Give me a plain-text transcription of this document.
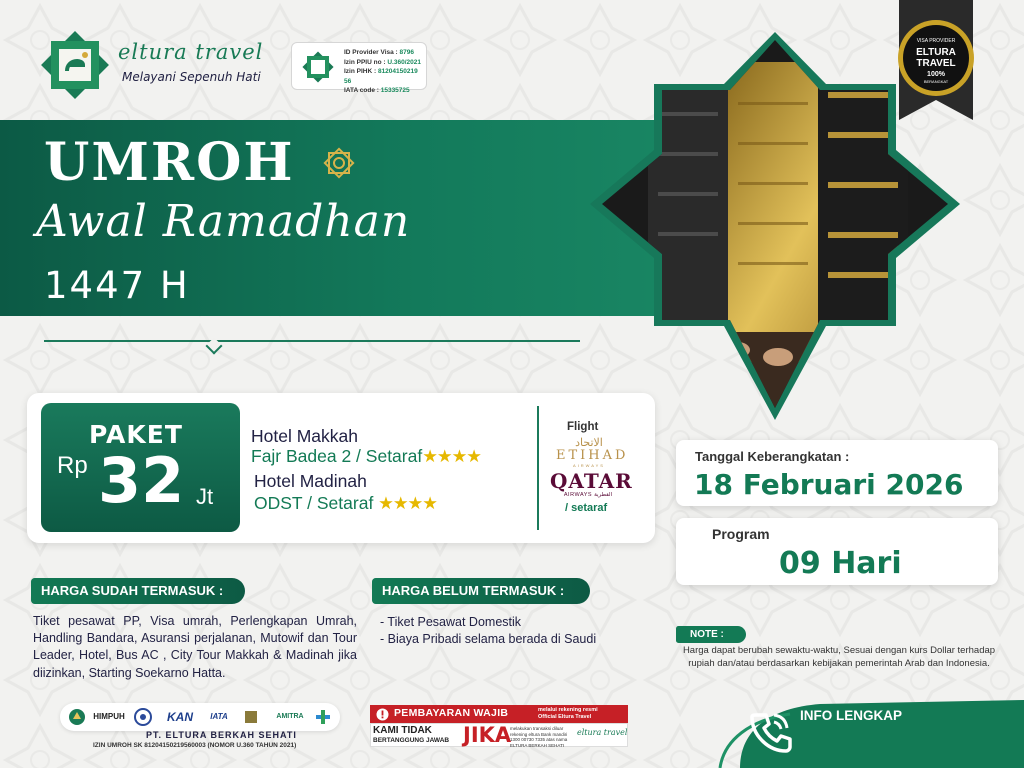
eltura travel
Melayani Sepenuh Hati
ID Provider Visa : 8796
Izin PPIU no : U.360/2021
Izin PIHK : 81204150219 56
IATA code : 15335725
VISA PROVIDER
ELTURA
TRAVEL
100%
BERANGKAT
UMROH
Awal Ramadhan
1447 H
PAKET
Rp 32 Jt
Hotel Makkah
Fajr Badea 2 / Setaraf★★★★
Hotel Madinah
ODST / Setaraf ★★★★
Flight
الاتحاد
ETIHAD
AIRWAYS
QATAR
AIRWAYS القطرية
/ setaraf
Tanggal Keberangkatan :
18 Februari 2026
Program
09 Hari
HARGA SUDAH TERMASUK :
Tiket pesawat PP, Visa umrah, Perlengkapan Umrah, Handling Bandara, Asuransi perjalanan, Mutowif dan Tour Leader, Hotel, Bus AC , City Tour Makkah & Madinah jika diizinkan, Starting Soekarno Hatta.
HARGA BELUM TERMASUK :
- Tiket Pesawat Domestik
- Biaya Pribadi selama berada di Saudi	NOTE :
Harga dapat berubah sewaktu-waktu, Sesuai dengan kurs Dollar terhadap rupiah dan/atau berdasarkan kebijakan pemerintah Arab dan Indonesia.
HIMPUH	KAN	IATA	AMITRA
PT. ELTURA BERKAH SEHATI
IZIN UMROH SK 81204150219560003 (NOMOR U.360 TAHUN 2021)
PEMBAYARAN WAJIB	melalui rekening resmi
Official Eltura Travel
KAMI TIDAK
BERTANGGUNG JAWAB JIKA
melakukan transaksi diluar rekening eltura Bank mandiri 1300 00730 7335 atas nama ELTURA BERKAH SEHATI
eltura travel
INFO LENGKAP
